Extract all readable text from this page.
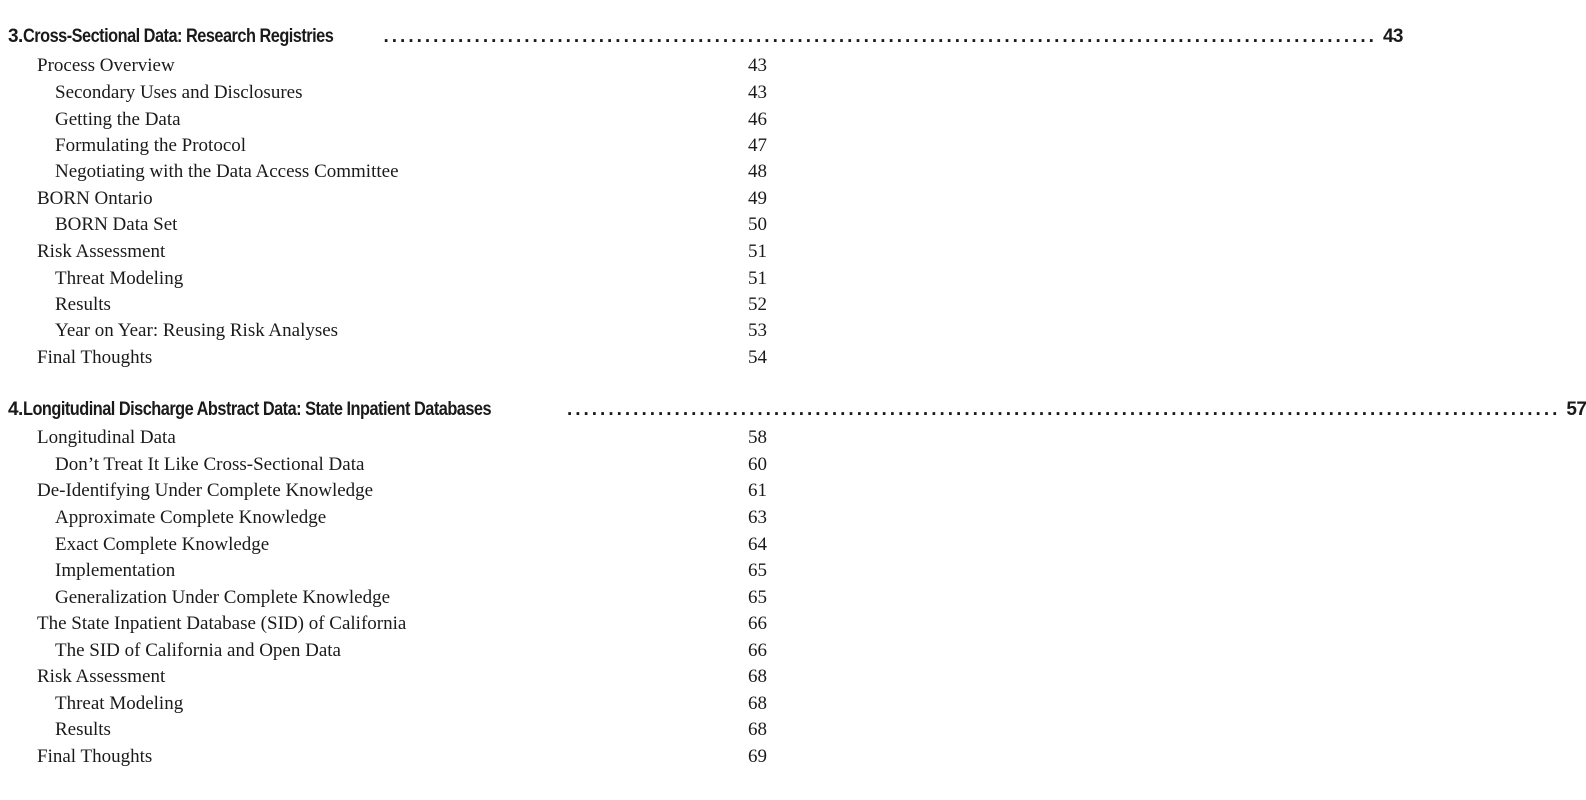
3. Cross-Sectional Data: Research Registries	........................................................................................................................ 43
Process Overview	43
Secondary Uses and Disclosures	43
Getting the Data	46
Formulating the Protocol	47
Negotiating with the Data Access Committee	48
BORN Ontario	49
BORN Data Set	50
Risk Assessment	51
Threat Modeling	51
Results	52
Year on Year: Reusing Risk Analyses	53
Final Thoughts	54
4. Longitudinal Discharge Abstract Data: State Inpatient Databases	........................................................................................................................ 57
Longitudinal Data	58
Don’t Treat It Like Cross-Sectional Data	60
De-Identifying Under Complete Knowledge	61
Approximate Complete Knowledge	63
Exact Complete Knowledge	64
Implementation	65
Generalization Under Complete Knowledge	65
The State Inpatient Database (SID) of California	66
The SID of California and Open Data	66
Risk Assessment	68
Threat Modeling	68
Results	68
Final Thoughts	69
